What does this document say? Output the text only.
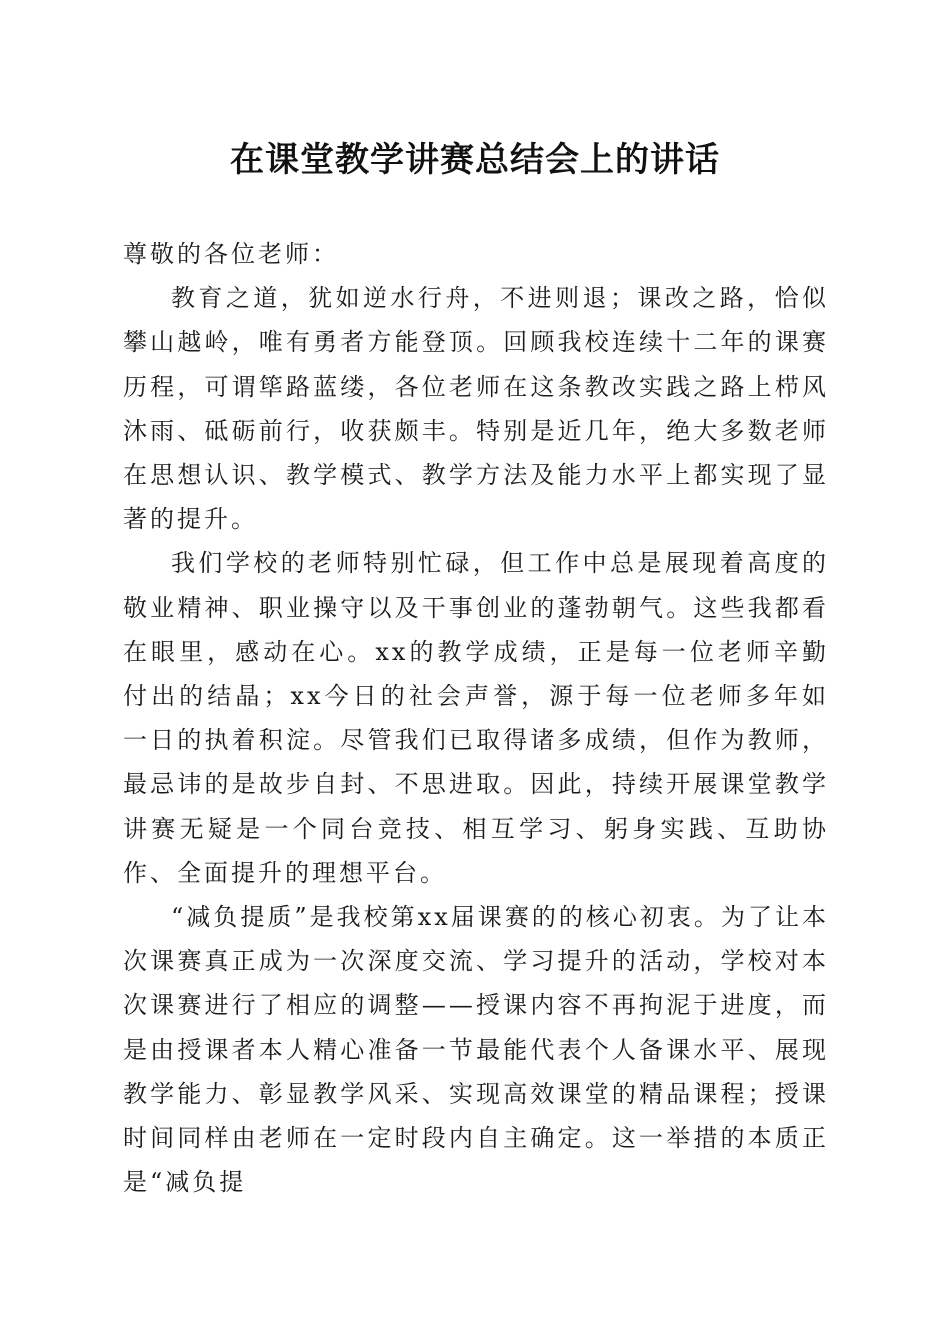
在课堂教学讲赛总结会上的讲话

尊敬的各位老师：

教育之道，犹如逆水行舟，不进则退；课改之路，恰似攀山越岭，唯有勇者方能登顶。回顾我校连续十二年的课赛历程，可谓筚路蓝缕，各位老师在这条教改实践之路上栉风沐雨、砥砺前行，收获颇丰。特别是近几年，绝大多数老师在思想认识、教学模式、教学方法及能力水平上都实现了显著的提升。

我们学校的老师特别忙碌，但工作中总是展现着高度的敬业精神、职业操守以及干事创业的蓬勃朝气。这些我都看在眼里，感动在心。xx的教学成绩，正是每一位老师辛勤付出的结晶；xx今日的社会声誉，源于每一位老师多年如一日的执着积淀。尽管我们已取得诸多成绩，但作为教师，最忌讳的是故步自封、不思进取。因此，持续开展课堂教学讲赛无疑是一个同台竞技、相互学习、躬身实践、互助协作、全面提升的理想平台。

“减负提质”是我校第xx届课赛的的核心初衷。为了让本次课赛真正成为一次深度交流、学习提升的活动，学校对本次课赛进行了相应的调整——授课内容不再拘泥于进度，而是由授课者本人精心准备一节最能代表个人备课水平、展现教学能力、彰显教学风采、实现高效课堂的精品课程；授课时间同样由老师在一定时段内自主确定。这一举措的本质正是“减负提
